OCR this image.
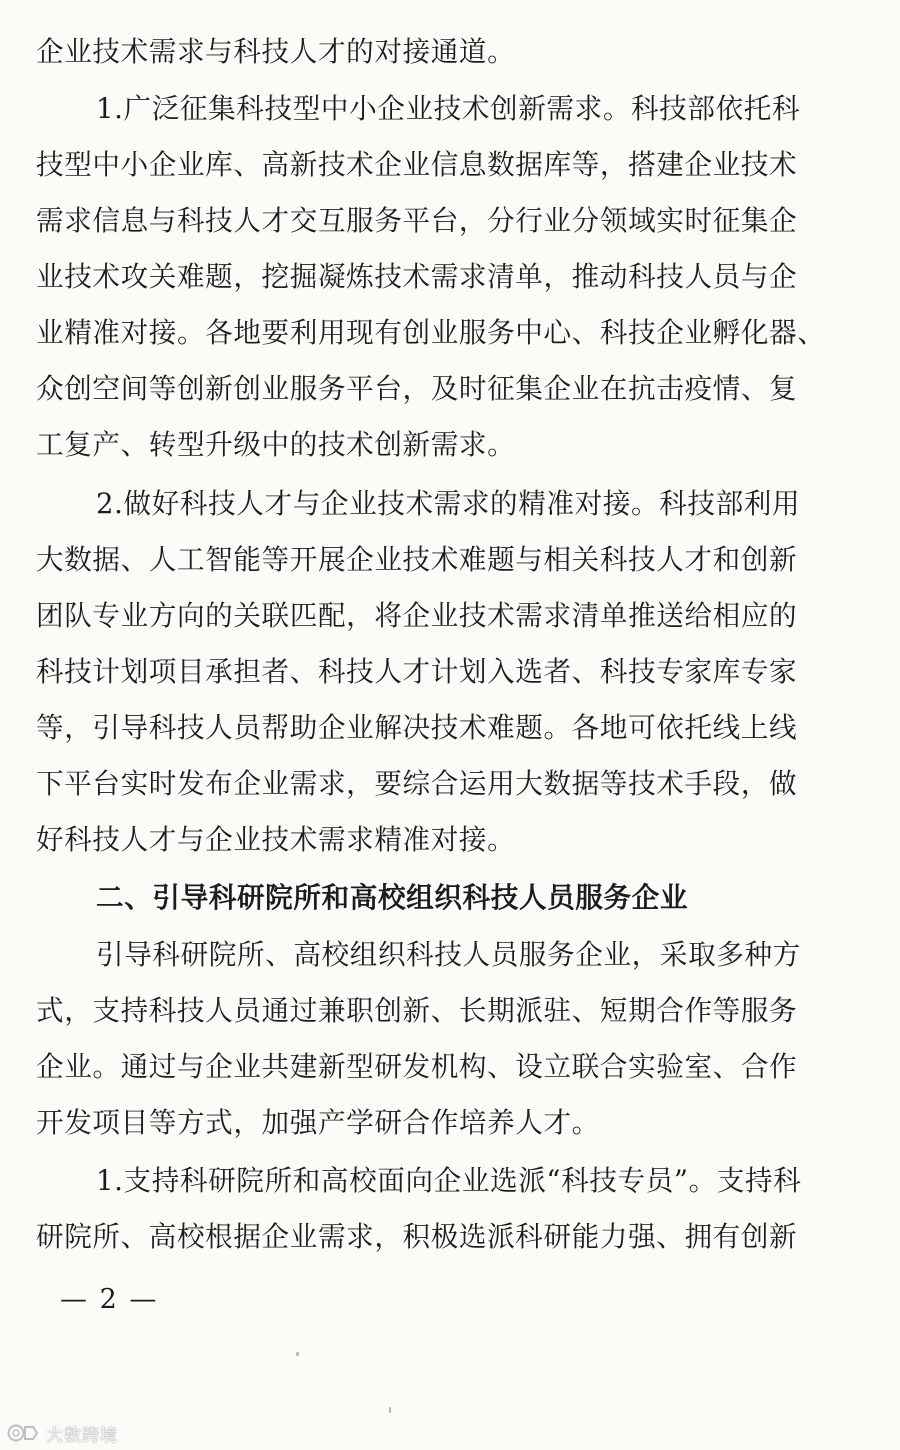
企业技术需求与科技人才的对接通道。
1.广泛征集科技型中小企业技术创新需求。科技部依托科
技型中小企业库、高新技术企业信息数据库等，搭建企业技术
需求信息与科技人才交互服务平台，分行业分领域实时征集企
业技术攻关难题，挖掘凝炼技术需求清单，推动科技人员与企
业精准对接。各地要利用现有创业服务中心、科技企业孵化器、
众创空间等创新创业服务平台，及时征集企业在抗击疫情、复
工复产、转型升级中的技术创新需求。
2.做好科技人才与企业技术需求的精准对接。科技部利用
大数据、人工智能等开展企业技术难题与相关科技人才和创新
团队专业方向的关联匹配，将企业技术需求清单推送给相应的
科技计划项目承担者、科技人才计划入选者、科技专家库专家
等，引导科技人员帮助企业解决技术难题。各地可依托线上线
下平台实时发布企业需求，要综合运用大数据等技术手段，做
好科技人才与企业技术需求精准对接。
二、引导科研院所和高校组织科技人员服务企业
引导科研院所、高校组织科技人员服务企业，采取多种方
式，支持科技人员通过兼职创新、长期派驻、短期合作等服务
企业。通过与企业共建新型研发机构、设立联合实验室、合作
开发项目等方式，加强产学研合作培养人才。
1.支持科研院所和高校面向企业选派“科技专员”。支持科
研院所、高校根据企业需求，积极选派科研能力强、拥有创新
— 2 —
大数跨境
